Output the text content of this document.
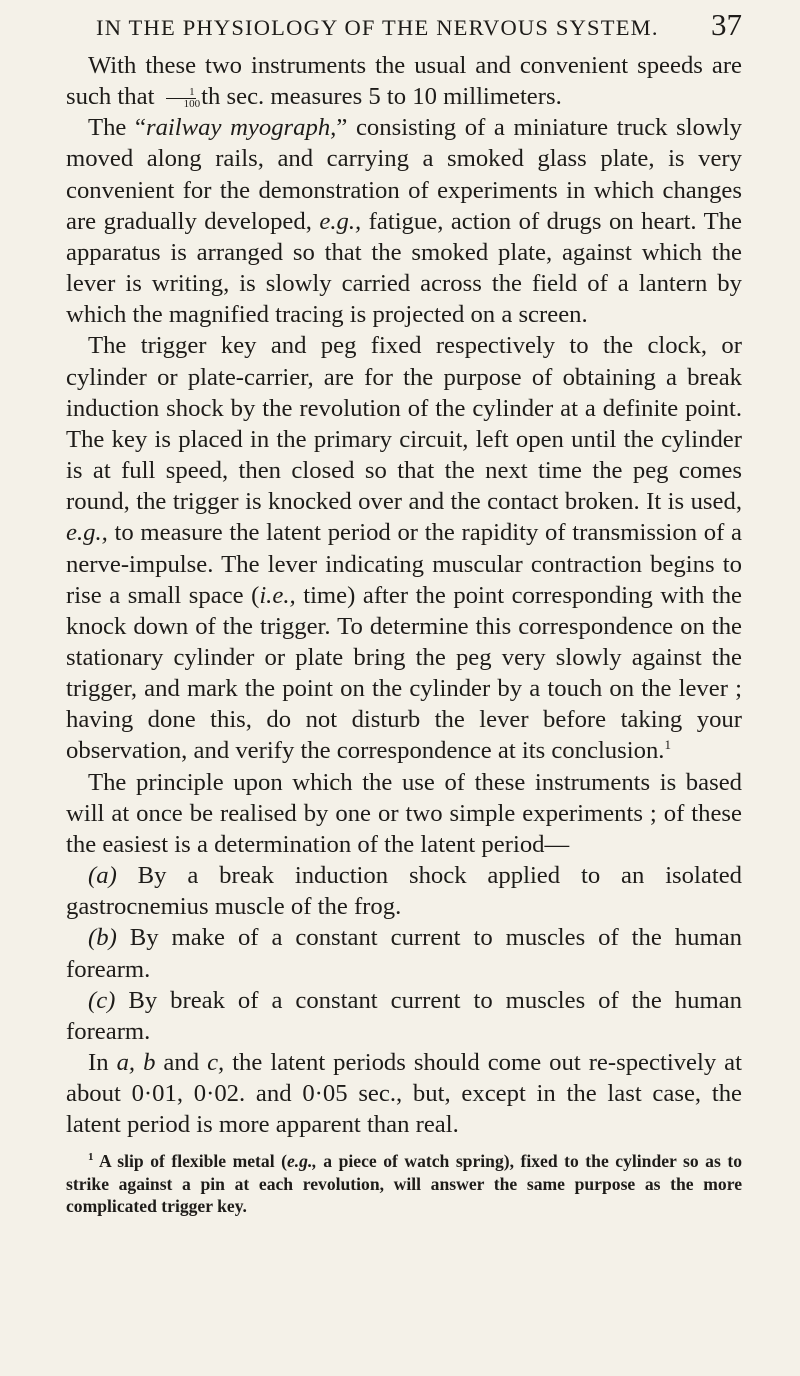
IN THE PHYSIOLOGY OF THE NERVOUS SYSTEM. 37

With these two instruments the usual and convenient speeds are such that $\frac{1}{100}$ th sec. measures 5 to 10 millimeters.

The “railway myograph,” consisting of a miniature truck slowly moved along rails, and carrying a smoked glass plate, is very convenient for the demonstration of experiments in which changes are gradually developed, e.g., fatigue, action of drugs on heart. The apparatus is arranged so that the smoked plate, against which the lever is writing, is slowly carried across the field of a lantern by which the magnified tracing is projected on a screen.

The trigger key and peg fixed respectively to the clock, or cylinder or plate-carrier, are for the purpose of obtaining a break induction shock by the revolution of the cylinder at a definite point. The key is placed in the primary circuit, left open until the cylinder is at full speed, then closed so that the next time the peg comes round, the trigger is knocked over and the contact broken. It is used, e.g., to measure the latent period or the rapidity of transmission of a nerve-impulse. The lever indicating muscular contraction begins to rise a small space (i.e., time) after the point corresponding with the knock down of the trigger. To determine this correspondence on the stationary cylinder or plate bring the peg very slowly against the trigger, and mark the point on the cylinder by a touch on the lever ; having done this, do not disturb the lever before taking your observation, and verify the correspondence at its conclusion.$^1$

The principle upon which the use of these instruments is based will at once be realised by one or two simple experiments ; of these the easiest is a determination of the latent period—

(a) By a break induction shock applied to an isolated gastrocnemius muscle of the frog.

(b) By make of a constant current to muscles of the human forearm.

(c) By break of a constant current to muscles of the human forearm.

In a, b and c, the latent periods should come out re-spectively at about 0·01, 0·02. and 0·05 sec., but, except in the last case, the latent period is more apparent than real.

$^1$ A slip of flexible metal (e.g., a piece of watch spring), fixed to the cylinder so as to strike against a pin at each revolution, will answer the same purpose as the more complicated trigger key.
